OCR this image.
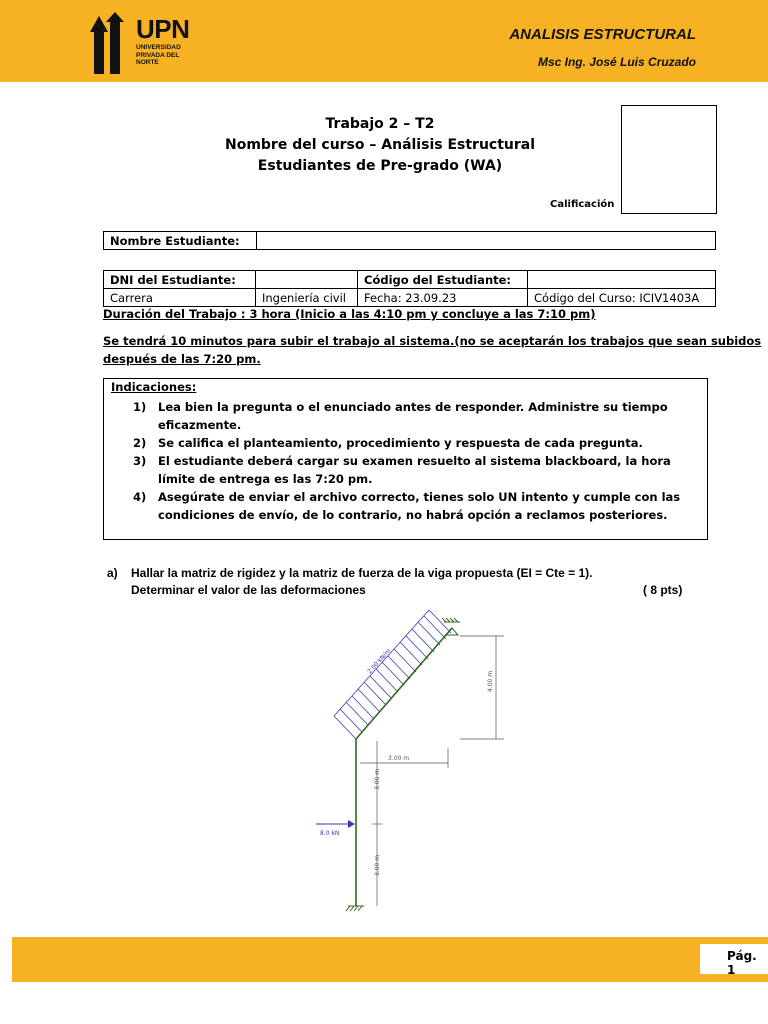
UPN
UNIVERSIDAD PRIVADA DEL NORTE
ANALISIS ESTRUCTURAL
Msc Ing. José Luis Cruzado
Trabajo 2 – T2
Nombre del curso – Análisis Estructural
Estudiantes de Pre-grado (WA)
Calificación
Nombre Estudiante:	
DNI del Estudiante:		Código del Estudiante:	
Carrera	Ingeniería civil	Fecha: 23.09.23	Código del Curso: ICIV1403A
Duración del Trabajo : 3 hora (Inicio a las 4:10 pm y concluye a las 7:10 pm)
Se tendrá 10 minutos para subir el trabajo al sistema.(no se aceptarán los trabajos que sean subidos
después de las 7:20 pm.
Indicaciones:
1) Lea bien la pregunta o el enunciado antes de responder. Administre su tiempo eficazmente.
2) Se califica el planteamiento, procedimiento y respuesta de cada pregunta.
3) El estudiante deberá cargar su examen resuelto al sistema blackboard, la hora límite de entrega es las 7:20 pm.
4) Asegúrate de enviar el archivo correcto, tienes solo UN intento y cumple con las condiciones de envío, de lo contrario, no habrá opción a reclamos posteriores.
a) Hallar la matriz de rigidez y la matriz de fuerza de la viga propuesta (EI = Cte = 1).
Determinar el valor de las deformaciones	( 8 pts)
2.00 kN/m
4.00 m
3.00 m
3.00 m
3.00 m
8.0 kN
Pág. 1
